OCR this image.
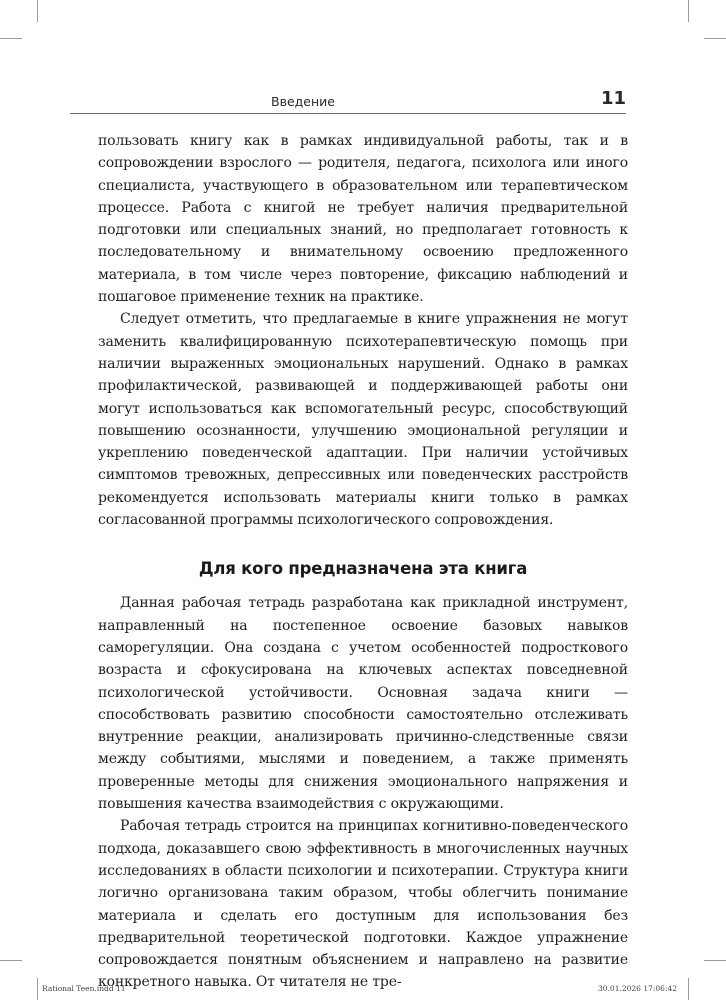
Введение	11

пользовать книгу как в рамках индивидуальной работы, так и в сопровождении взрослого — родителя, педагога, психолога или иного специалиста, участвующего в образовательном или терапевтическом процессе. Работа с книгой не требует наличия предварительной подготовки или специальных знаний, но предполагает готовность к последовательному и внимательному освоению предложенного материала, в том числе через повторение, фиксацию наблюдений и пошаговое применение техник на практике.

Следует отметить, что предлагаемые в книге упражнения не могут заменить квалифицированную психотерапевтическую помощь при наличии выраженных эмоциональных нарушений. Однако в рамках профилактической, развивающей и поддерживающей работы они могут использоваться как вспомогательный ресурс, способствующий повышению осознанности, улучшению эмоциональной регуляции и укреплению поведенческой адаптации. При наличии устойчивых симптомов тревожных, депрессивных или поведенческих расстройств рекомендуется использовать материалы книги только в рамках согласованной программы психологического сопровождения.

Для кого предназначена эта книга

Данная рабочая тетрадь разработана как прикладной инструмент, направленный на постепенное освоение базовых навыков саморегуляции. Она создана с учетом особенностей подросткового возраста и сфокусирована на ключевых аспектах повседневной психологической устойчивости. Основная задача книги — способствовать развитию способности самостоятельно отслеживать внутренние реакции, анализировать причинно-следственные связи между событиями, мыслями и поведением, а также применять проверенные методы для снижения эмоционального напряжения и повышения качества взаимодействия с окружающими.

Рабочая тетрадь строится на принципах когнитивно-поведенческого подхода, доказавшего свою эффективность в многочисленных научных исследованиях в области психологии и психотерапии. Структура книги логично организована таким образом, чтобы облегчить понимание материала и сделать его доступным для использования без предварительной теоретической подготовки. Каждое упражнение сопровождается понятным объяснением и направлено на развитие конкретного навыка. От читателя не тре-

Rational Teen.indd 11	30.01.2026 17:06:42
